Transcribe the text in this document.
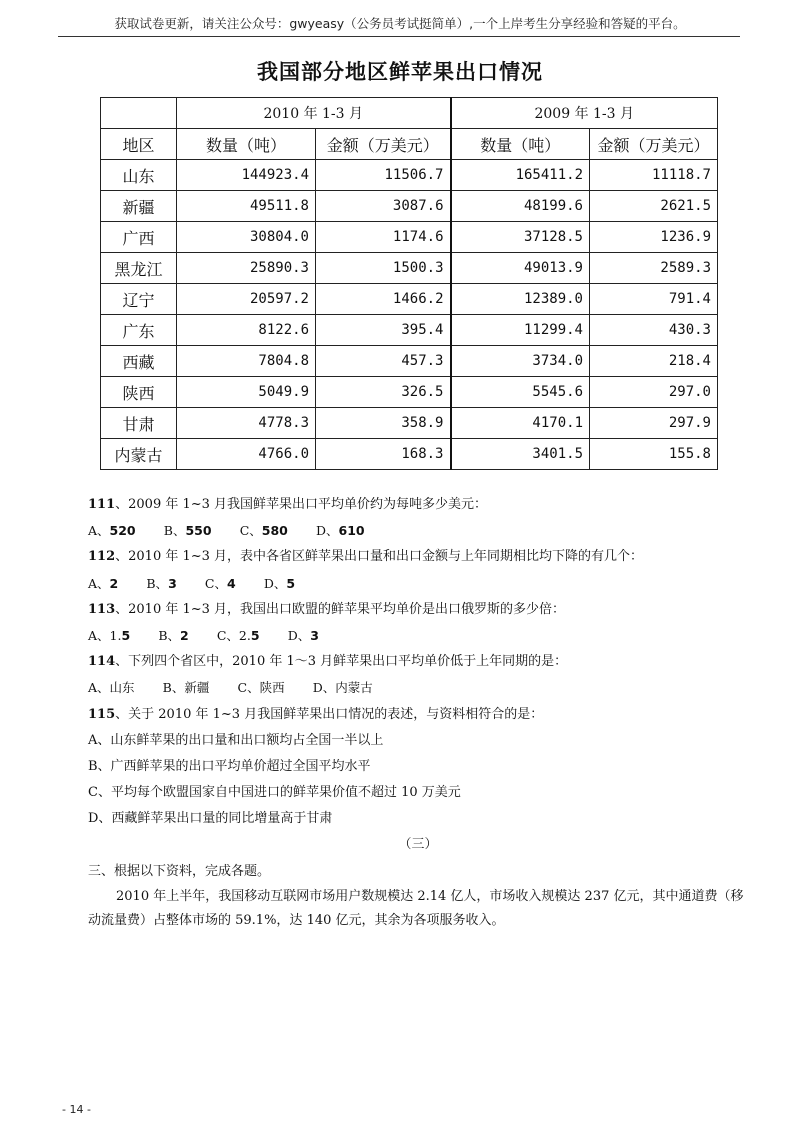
获取试卷更新，请关注公众号：gwyeasy（公务员考试挺简单）,一个上岸考生分享经验和答疑的平台。
我国部分地区鲜苹果出口情况
	2010 年 1-3 月		2009 年 1-3 月	
地区	数量（吨）	金额（万美元）	数量（吨）	金额（万美元）
山东	144923.4	11506.7	165411.2	11118.7
新疆	49511.8	3087.6	48199.6	2621.5
广西	30804.0	1174.6	37128.5	1236.9
黑龙江	25890.3	1500.3	49013.9	2589.3
辽宁	20597.2	1466.2	12389.0	791.4
广东	8122.6	395.4	11299.4	430.3
西藏	7804.8	457.3	3734.0	218.4
陕西	5049.9	326.5	5545.6	297.0
甘肃	4778.3	358.9	4170.1	297.9
内蒙古	4766.0	168.3	3401.5	155.8
111、2009 年 1~3 月我国鲜苹果出口平均单价约为每吨多少美元：
A、520 B、550 C、580 D、610
112、2010 年 1~3 月，表中各省区鲜苹果出口量和出口金额与上年同期相比均下降的有几个：
A、2 B、3 C、4 D、5
113、2010 年 1~3 月，我国出口欧盟的鲜苹果平均单价是出口俄罗斯的多少倍：
A、1.5 B、2 C、2.5 D、3
114、下列四个省区中，2010 年 1～3 月鲜苹果出口平均单价低于上年同期的是：
A、山东 B、新疆 C、陕西 D、内蒙古
115、关于 2010 年 1~3 月我国鲜苹果出口情况的表述，与资料相符合的是：
A、山东鲜苹果的出口量和出口额均占全国一半以上
B、广西鲜苹果的出口平均单价超过全国平均水平
C、平均每个欧盟国家自中国进口的鲜苹果价值不超过 10 万美元
D、西藏鲜苹果出口量的同比增量高于甘肃
（三）
三、根据以下资料，完成各题。
2010 年上半年，我国移动互联网市场用户数规模达 2.14 亿人，市场收入规模达 237 亿元，其中通道费（移动流量费）占整体市场的 59.1%，达 140 亿元，其余为各项服务收入。
- 14 -
